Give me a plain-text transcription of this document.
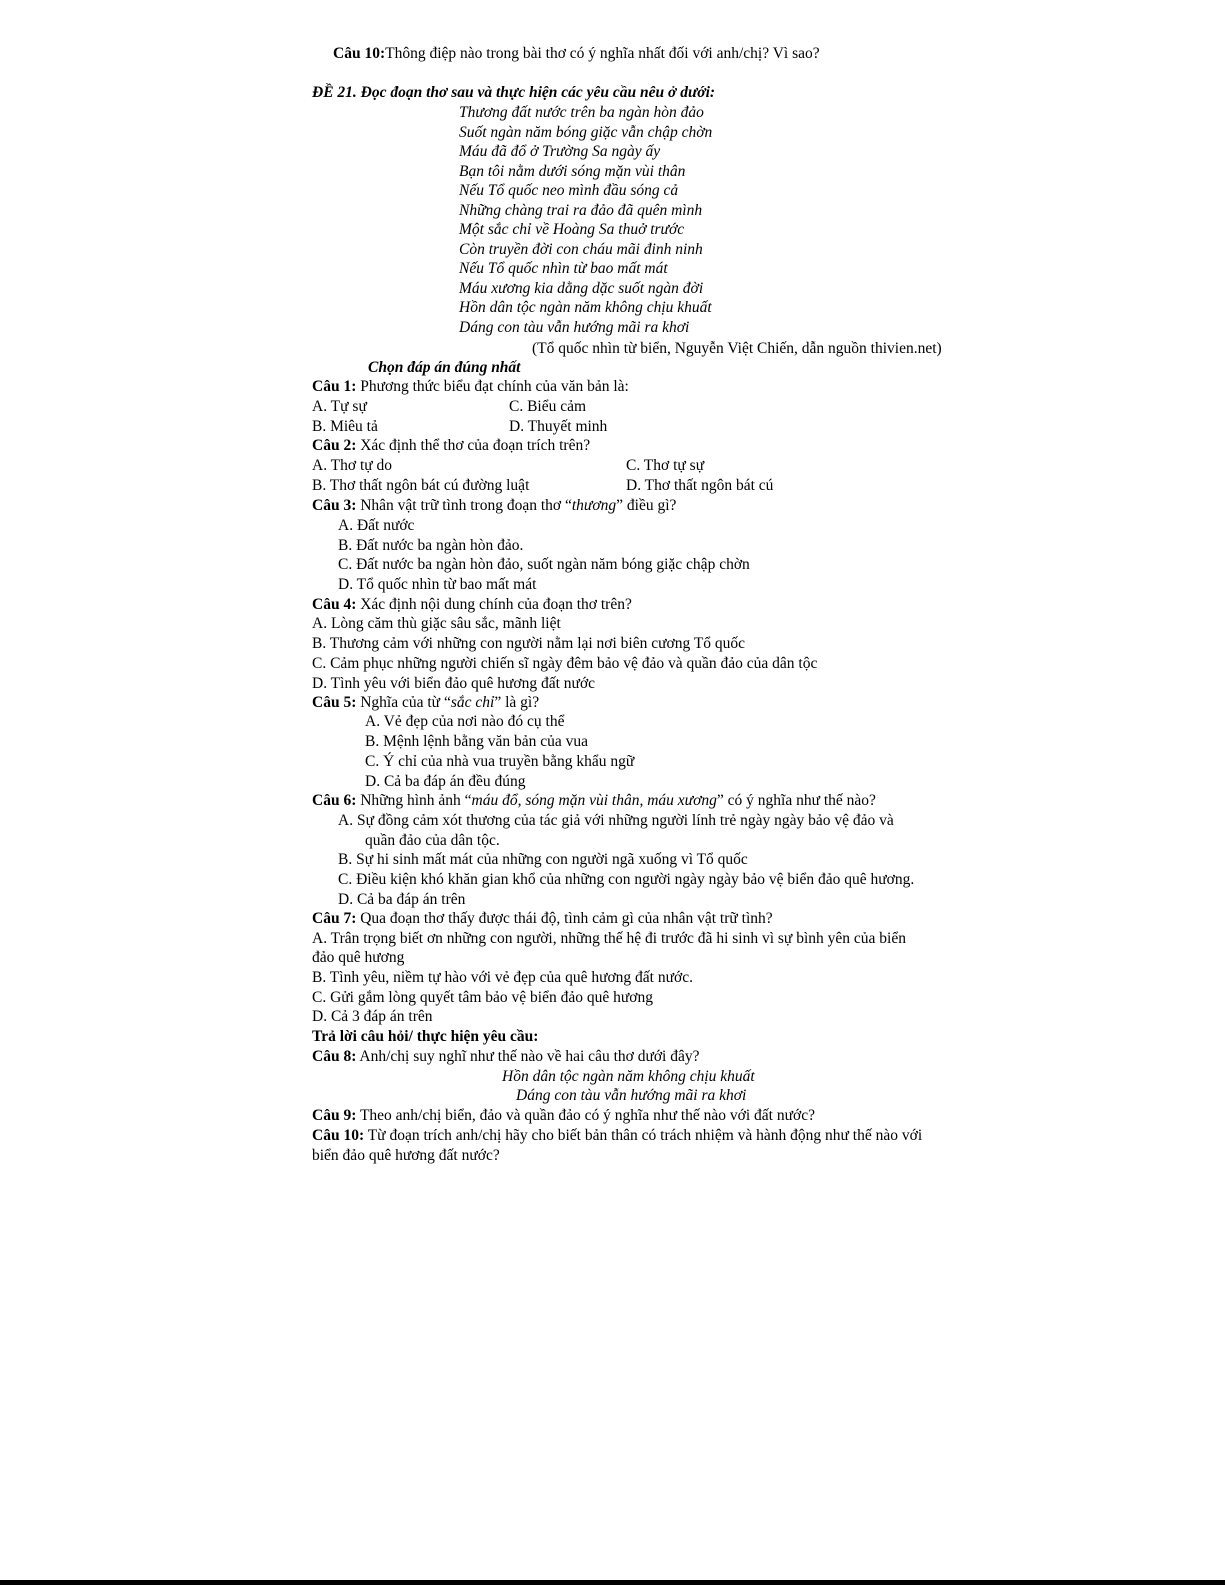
Câu 10:Thông điệp nào trong bài thơ có ý nghĩa nhất đối với anh/chị? Vì sao?
ĐỀ 21. Đọc đoạn thơ sau và thực hiện các yêu cầu nêu ở dưới:
Thương đất nước trên ba ngàn hòn đảo
Suốt ngàn năm bóng giặc vẫn chập chờn
Máu đã đổ ở Trường Sa ngày ấy
Bạn tôi nằm dưới sóng mặn vùi thân
Nếu Tổ quốc neo mình đầu sóng cả
Những chàng trai ra đảo đã quên mình
Một sắc chỉ về Hoàng Sa thuở trước
Còn truyền đời con cháu mãi đinh ninh
Nếu Tổ quốc nhìn từ bao mất mát
Máu xương kia dằng dặc suốt ngàn đời
Hồn dân tộc ngàn năm không chịu khuất
Dáng con tàu vẫn hướng mãi ra khơi
(Tổ quốc nhìn từ biển, Nguyễn Việt Chiến, dẫn nguồn thivien.net)
Chọn đáp án đúng nhất
Câu 1: Phương thức biểu đạt chính của văn bản là:
A. Tự sự	C. Biểu cảm
B. Miêu tả	D. Thuyết minh
Câu 2: Xác định thể thơ của đoạn trích trên?
A. Thơ tự do	C. Thơ tự sự
B. Thơ thất ngôn bát cú đường luật	D. Thơ thất ngôn bát cú
Câu 3: Nhân vật trữ tình trong đoạn thơ “thương” điều gì?
A. Đất nước
B. Đất nước ba ngàn hòn đảo.
C. Đất nước ba ngàn hòn đảo, suốt ngàn năm bóng giặc chập chờn
D. Tổ quốc nhìn từ bao mất mát
Câu 4: Xác định nội dung chính của đoạn thơ trên?
A. Lòng căm thù giặc sâu sắc, mãnh liệt
B. Thương cảm với những con người nằm lại nơi biên cương Tổ quốc
C. Cảm phục những người chiến sĩ ngày đêm bảo vệ đảo và quần đảo của dân tộc
D. Tình yêu với biển đảo quê hương đất nước
Câu 5: Nghĩa của từ “sắc chỉ” là gì?
A. Vẻ đẹp của nơi nào đó cụ thể
B. Mệnh lệnh bằng văn bản của vua
C. Ý chỉ của nhà vua truyền bằng khẩu ngữ
D. Cả ba đáp án đều đúng
Câu 6: Những hình ảnh “máu đổ, sóng mặn vùi thân, máu xương” có ý nghĩa như thế nào?
A. Sự đồng cảm xót thương của tác giả với những người lính trẻ ngày ngày bảo vệ đảo và
quần đảo của dân tộc.
B. Sự hi sinh mất mát của những con người ngã xuống vì Tổ quốc
C. Điều kiện khó khăn gian khổ của những con người ngày ngày bảo vệ biển đảo quê hương.
D. Cả ba đáp án trên
Câu 7: Qua đoạn thơ thấy được thái độ, tình cảm gì của nhân vật trữ tình?
A. Trân trọng biết ơn những con người, những thế hệ đi trước đã hi sinh vì sự bình yên của biển
đảo quê hương
B. Tình yêu, niềm tự hào với vẻ đẹp của quê hương đất nước.
C. Gửi gắm lòng quyết tâm bảo vệ biển đảo quê hương
D. Cả 3 đáp án trên
Trả lời câu hỏi/ thực hiện yêu cầu:
Câu 8: Anh/chị suy nghĩ như thế nào về hai câu thơ dưới đây?
Hồn dân tộc ngàn năm không chịu khuất
Dáng con tàu vẫn hướng mãi ra khơi
Câu 9: Theo anh/chị biển, đảo và quần đảo có ý nghĩa như thế nào với đất nước?
Câu 10: Từ đoạn trích anh/chị hãy cho biết bản thân có trách nhiệm và hành động như thế nào với
biển đảo quê hương đất nước?
